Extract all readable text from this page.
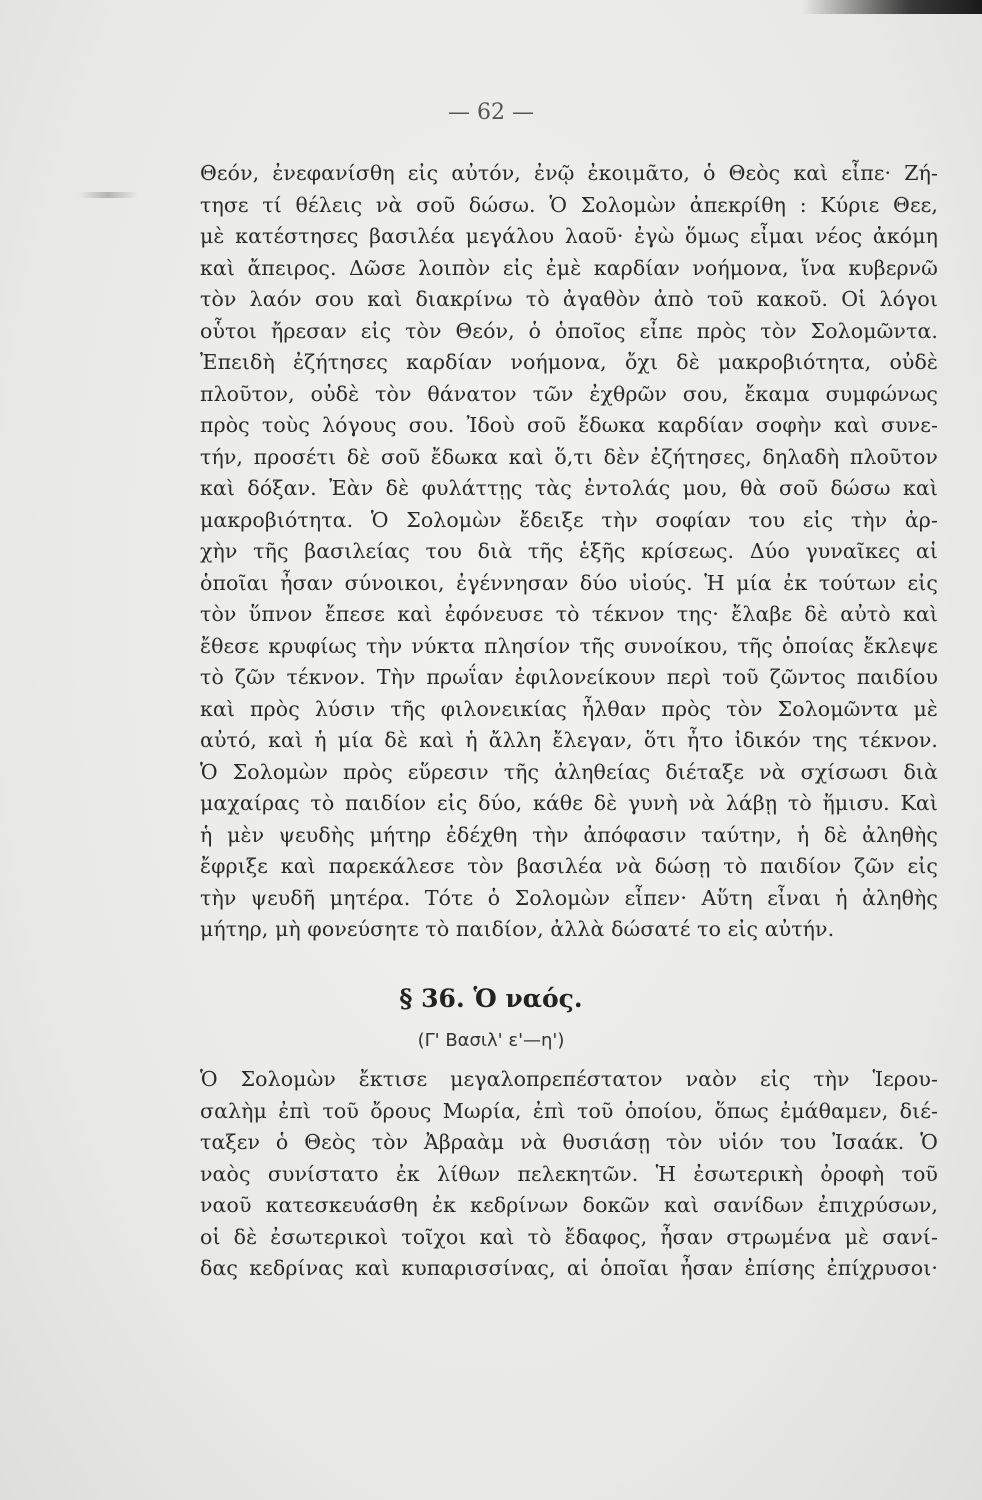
— 62 —
Θεόν, ἐνεφανίσθη εἰς αὐτόν, ἐνῷ ἐκοιμᾶτο, ὁ Θεὸς καὶ εἶπε· Ζή-
τησε τί θέλεις νὰ σοῦ δώσω. Ὁ Σολομὼν ἀπεκρίθη : Κύριε Θεε,
μὲ κατέστησες βασιλέα μεγάλου λαοῦ· ἐγὼ ὅμως εἶμαι νέος ἀκόμη
καὶ ἄπειρος. Δῶσε λοιπὸν εἰς ἐμὲ καρδίαν νοήμονα, ἵνα κυβερνῶ
τὸν λαόν σου καὶ διακρίνω τὸ ἀγαθὸν ἀπὸ τοῦ κακοῦ. Οἱ λόγοι
οὗτοι ἤρεσαν εἰς τὸν Θεόν, ὁ ὁποῖος εἶπε πρὸς τὸν Σολομῶντα.
Ἐπειδὴ ἐζήτησες καρδίαν νοήμονα, ὄχι δὲ μακροβιότητα, οὐδὲ
πλοῦτον, οὐδὲ τὸν θάνατον τῶν ἐχθρῶν σου, ἔκαμα συμφώνως
πρὸς τοὺς λόγους σου. Ἰδοὺ σοῦ ἔδωκα καρδίαν σοφὴν καὶ συνε-
τήν, προσέτι δὲ σοῦ ἔδωκα καὶ ὅ,τι δὲν ἐζήτησες, δηλαδὴ πλοῦτον
καὶ δόξαν. Ἐὰν δὲ φυλάττῃς τὰς ἐντολάς μου, θὰ σοῦ δώσω καὶ
μακροβιότητα. Ὁ Σολομὼν ἔδειξε τὴν σοφίαν του εἰς τὴν ἀρ-
χὴν τῆς βασιλείας του διὰ τῆς ἑξῆς κρίσεως. Δύο γυναῖκες αἱ
ὁποῖαι ἦσαν σύνοικοι, ἐγέννησαν δύο υἱούς. Ἡ μία ἐκ τούτων εἰς
τὸν ὕπνον ἔπεσε καὶ ἐφόνευσε τὸ τέκνον της· ἔλαβε δὲ αὐτὸ καὶ
ἔθεσε κρυφίως τὴν νύκτα πλησίον τῆς συνοίκου, τῆς ὁποίας ἔκλεψε
τὸ ζῶν τέκνον. Τὴν πρωΐαν ἐφιλονείκουν περὶ τοῦ ζῶντος παιδίου
καὶ πρὸς λύσιν τῆς φιλονεικίας ἦλθαν πρὸς τὸν Σολομῶντα μὲ
αὐτό, καὶ ἡ μία δὲ καὶ ἡ ἄλλη ἔλεγαν, ὅτι ἦτο ἰδικόν της τέκνον.
Ὁ Σολομὼν πρὸς εὕρεσιν τῆς ἀληθείας διέταξε νὰ σχίσωσι διὰ
μαχαίρας τὸ παιδίον εἰς δύο, κάθε δὲ γυνὴ νὰ λάβῃ τὸ ἥμισυ. Καὶ
ἡ μὲν ψευδὴς μήτηρ ἐδέχθη τὴν ἀπόφασιν ταύτην, ἡ δὲ ἀληθὴς
ἔφριξε καὶ παρεκάλεσε τὸν βασιλέα νὰ δώσῃ τὸ παιδίον ζῶν εἰς
τὴν ψευδῆ μητέρα. Τότε ὁ Σολομὼν εἶπεν· Αὕτη εἶναι ἡ ἀληθὴς
μήτηρ, μὴ φονεύσητε τὸ παιδίον, ἀλλὰ δώσατέ το εἰς αὐτήν.
§ 36. Ὁ ναός.
(Γ' Βασιλ' ε'—η')
Ὁ Σολομὼν ἔκτισε μεγαλοπρεπέστατον ναὸν εἰς τὴν Ἱερου-
σαλὴμ ἐπὶ τοῦ ὄρους Μωρία, ἐπὶ τοῦ ὁποίου, ὅπως ἐμάθαμεν, διέ-
ταξεν ὁ Θεὸς τὸν Ἀβραὰμ νὰ θυσιάσῃ τὸν υἱόν του Ἰσαάκ. Ὁ
ναὸς συνίστατο ἐκ λίθων πελεκητῶν. Ἡ ἐσωτερικὴ ὀροφὴ τοῦ
ναοῦ κατεσκευάσθη ἐκ κεδρίνων δοκῶν καὶ σανίδων ἐπιχρύσων,
οἱ δὲ ἐσωτερικοὶ τοῖχοι καὶ τὸ ἔδαφος, ἦσαν στρωμένα μὲ σανί-
δας κεδρίνας καὶ κυπαρισσίνας, αἱ ὁποῖαι ἦσαν ἐπίσης ἐπίχρυσοι·
